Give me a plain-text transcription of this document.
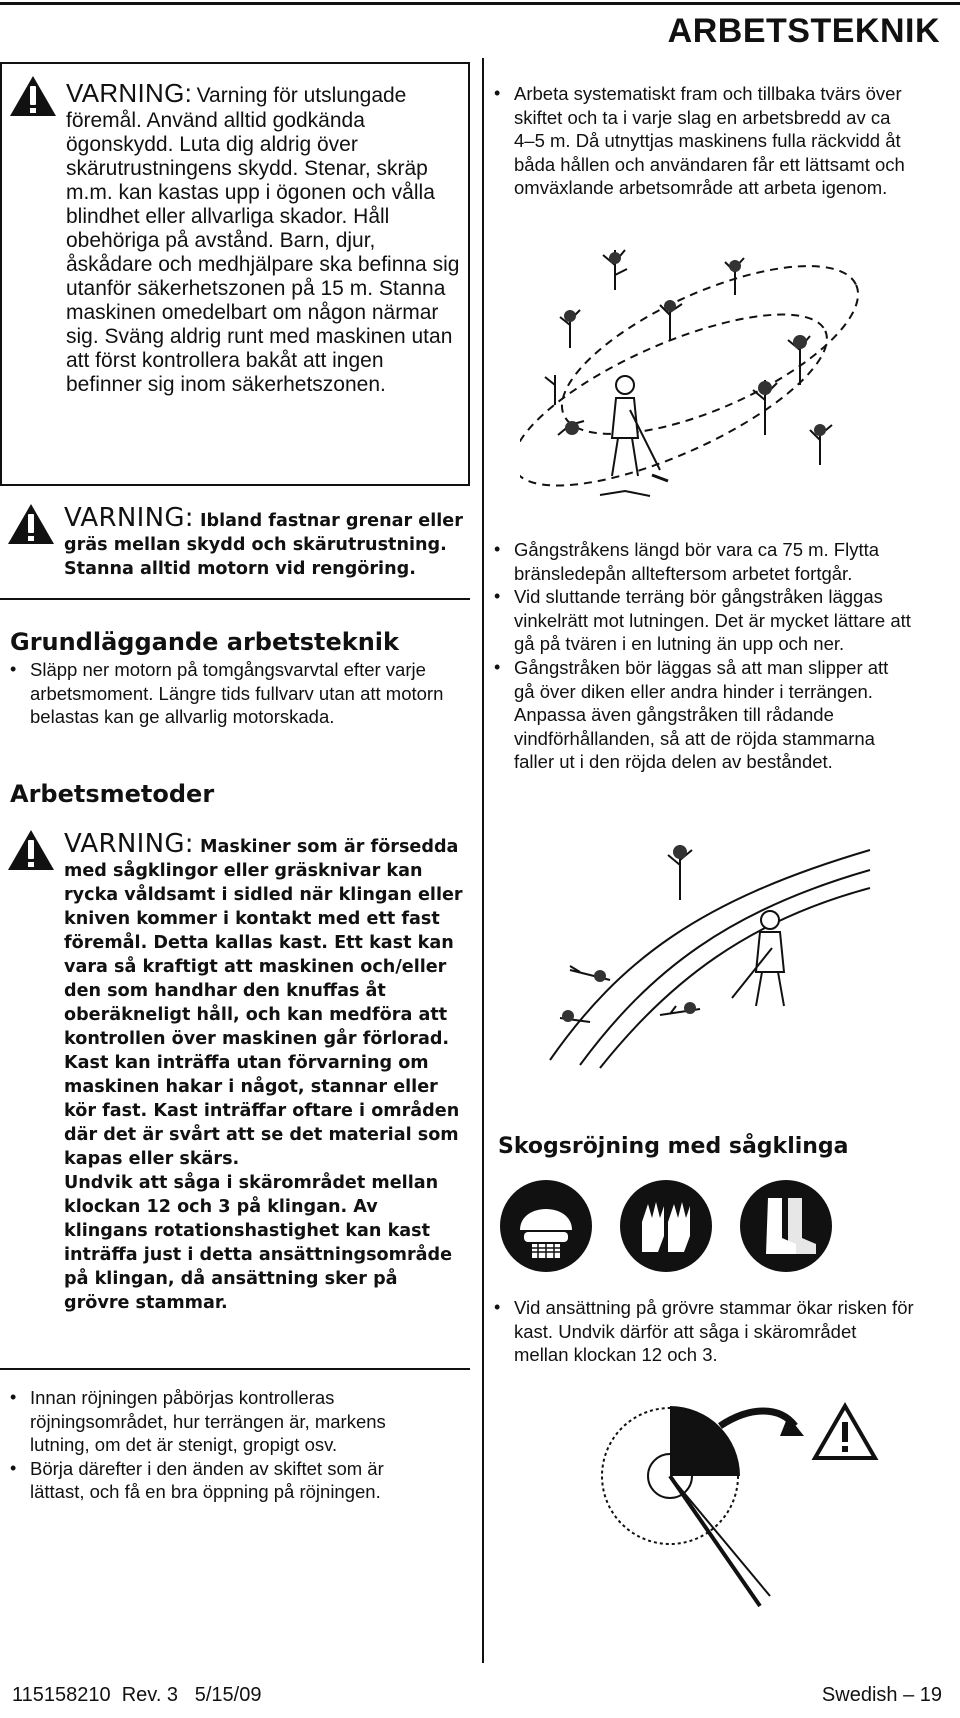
ARBETSTEKNIK

VARNING: Varning för utslungade föremål. Använd alltid godkända ögonskydd. Luta dig aldrig över skärutrustningens skydd. Stenar, skräp m.m. kan kastas upp i ögonen och vålla blindhet eller allvarliga skador. Håll obehöriga på avstånd. Barn, djur, åskådare och medhjälpare ska befinna sig utanför säkerhetszonen på 15 m. Stanna maskinen omedelbart om någon närmar sig. Sväng aldrig runt med maskinen utan att först kontrollera bakåt att ingen befinner sig inom säkerhetszonen.

VARNING: Ibland fastnar grenar eller gräs mellan skydd och skärutrustning. Stanna alltid motorn vid rengöring.

Grundläggande arbetsteknik
• Släpp ner motorn på tomgångsvarvtal efter varje arbetsmoment. Längre tids fullvarv utan att motorn belastas kan ge allvarlig motorskada.
Arbetsmetoder

VARNING: Maskiner som är försedda med sågklingor eller gräsknivar kan rycka våldsamt i sidled när klingan eller kniven kommer i kontakt med ett fast föremål. Detta kallas kast. Ett kast kan vara så kraftigt att maskinen och/eller den som handhar den knuffas åt oberäkneligt håll, och kan medföra att kontrollen över maskinen går förlorad. Kast kan inträffa utan förvarning om maskinen hakar i något, stannar eller kör fast. Kast inträffar oftare i områden där det är svårt att se det material som kapas eller skärs.

Undvik att såga i skärområdet mellan klockan 12 och 3 på klingan. Av klingans rotationshastighet kan kast inträffa just i detta ansättningsområde på klingan, då ansättning sker på grövre stammar.

• Innan röjningen påbörjas kontrolleras röjningsområdet, hur terrängen är, markens lutning, om det är stenigt, gropigt osv.
• Börja därefter i den änden av skiftet som är lättast, och få en bra öppning på röjningen.
• Arbeta systematiskt fram och tillbaka tvärs över skiftet och ta i varje slag en arbetsbredd av ca 4–5 m. Då utnyttjas maskinens fulla räckvidd åt båda hållen och användaren får ett lättsamt och omväxlande arbetsområde att arbeta igenom.
• Gångstråkens längd bör vara ca 75 m. Flytta bränsledepån allteftersom arbetet fortgår.
• Vid sluttande terräng bör gångstråken läggas vinkelrätt mot lutningen. Det är mycket lättare att gå på tvären i en lutning än upp och ner.
• Gångstråken bör läggas så att man slipper att gå över diken eller andra hinder i terrängen. Anpassa även gångstråken till rådande vindförhållanden, så att de röjda stammarna faller ut i den röjda delen av beståndet.
Skogsröjning med sågklinga
• Vid ansättning på grövre stammar ökar risken för kast. Undvik därför att såga i skärområdet mellan klockan 12 och 3.
115158210  Rev. 3   5/15/09	Swedish – 19
